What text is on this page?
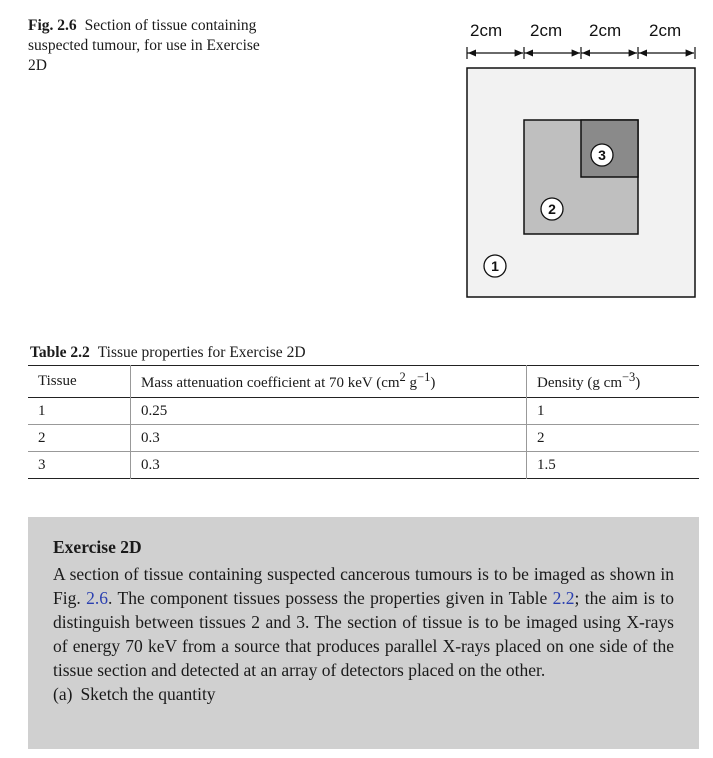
Fig. 2.6 Section of tissue containing suspected tumour, for use in Exercise 2D
2cm 2cm 2cm 2cm
3
2
1
Table 2.2 Tissue properties for Exercise 2D
Tissue	Mass attenuation coefficient at 70 keV ($cm^2$ $g^{-1}$)	Density (g $cm^{-3}$)
1	0.25	1
2	0.3	2
3	0.3	1.5
Exercise 2D
A section of tissue containing suspected cancerous tumours is to be imaged as shown in Fig. 2.6. The component tissues possess the properties given in Table 2.2; the aim is to distinguish between tissues 2 and 3. The section of tissue is to be imaged using X-rays of energy 70 keV from a source that produces parallel X-rays placed on one side of the tissue section and detected at an array of detectors placed on the other.
(a) Sketch the quantity
